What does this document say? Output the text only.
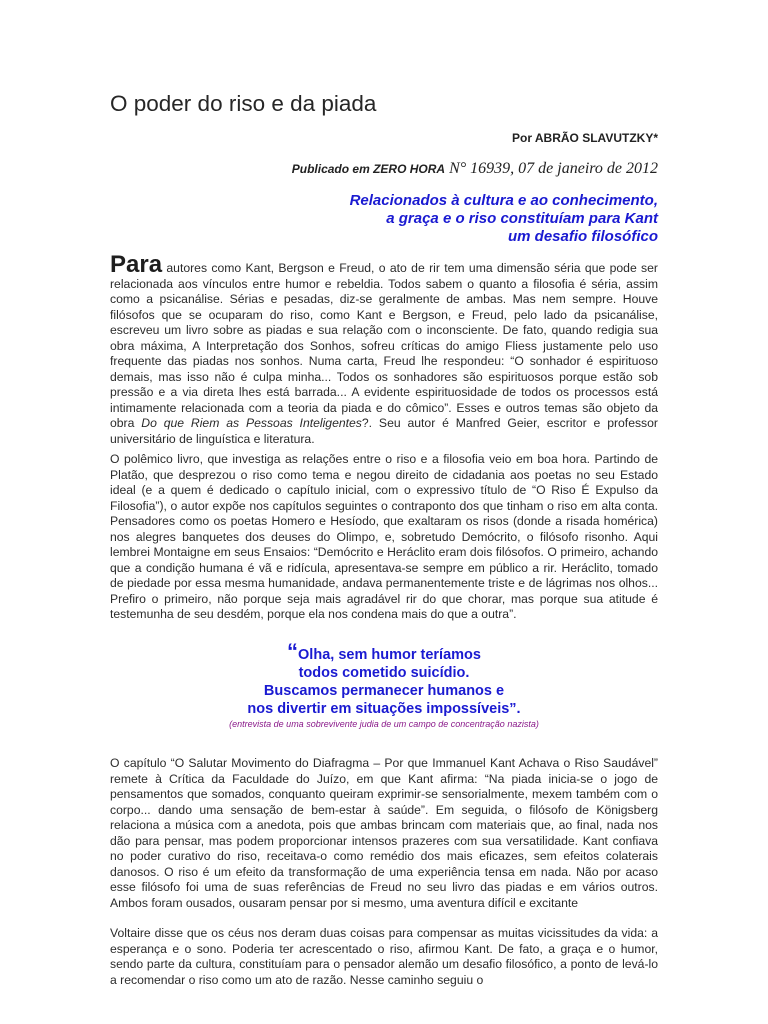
O poder do riso e da piada
Por ABRÃO SLAVUTZKY*
Publicado em ZERO HORA N° 16939, 07 de janeiro de 2012
Relacionados à cultura e ao conhecimento,
a graça e o riso constituíam para Kant
um desafio filosófico

Para autores como Kant, Bergson e Freud, o ato de rir tem uma dimensão séria que pode ser relacionada aos vínculos entre humor e rebeldia. Todos sabem o quanto a filosofia é séria, assim como a psicanálise. Sérias e pesadas, diz-se geralmente de ambas. Mas nem sempre. Houve filósofos que se ocuparam do riso, como Kant e Bergson, e Freud, pelo lado da psicanálise, escreveu um livro sobre as piadas e sua relação com o inconsciente. De fato, quando redigia sua obra máxima, A Interpretação dos Sonhos, sofreu críticas do amigo Fliess justamente pelo uso frequente das piadas nos sonhos. Numa carta, Freud lhe respondeu: “O sonhador é espirituoso demais, mas isso não é culpa minha... Todos os sonhadores são espirituosos porque estão sob pressão e a via direta lhes está barrada... A evidente espirituosidade de todos os processos está intimamente relacionada com a teoria da piada e do cômico”. Esses e outros temas são objeto da obra Do que Riem as Pessoas Inteligentes?. Seu autor é Manfred Geier, escritor e professor universitário de linguística e literatura.

O polêmico livro, que investiga as relações entre o riso e a filosofia veio em boa hora. Partindo de Platão, que desprezou o riso como tema e negou direito de cidadania aos poetas no seu Estado ideal (e a quem é dedicado o capítulo inicial, com o expressivo título de “O Riso É Expulso da Filosofia”), o autor expõe nos capítulos seguintes o contraponto dos que tinham o riso em alta conta. Pensadores como os poetas Homero e Hesíodo, que exaltaram os risos (donde a risada homérica) nos alegres banquetes dos deuses do Olimpo, e, sobretudo Demócrito, o filósofo risonho. Aqui lembrei Montaigne em seus Ensaios: “Demócrito e Heráclito eram dois filósofos. O primeiro, achando que a condição humana é vã e ridícula, apresentava-se sempre em público a rir. Heráclito, tomado de piedade por essa mesma humanidade, andava permanentemente triste e de lágrimas nos olhos... Prefiro o primeiro, não porque seja mais agradável rir do que chorar, mas porque sua atitude é testemunha de seu desdém, porque ela nos condena mais do que a outra”.

“Olha, sem humor teríamos
todos cometido suicídio.
Buscamos permanecer humanos e
nos divertir em situações impossíveis”.
(entrevista de uma sobrevivente judia de um campo de concentração nazista)

O capítulo “O Salutar Movimento do Diafragma – Por que Immanuel Kant Achava o Riso Saudável” remete à Crítica da Faculdade do Juízo, em que Kant afirma: “Na piada inicia-se o jogo de pensamentos que somados, conquanto queiram exprimir-se sensorialmente, mexem também com o corpo... dando uma sensação de bem-estar à saúde”. Em seguida, o filósofo de Königsberg relaciona a música com a anedota, pois que ambas brincam com materiais que, ao final, nada nos dão para pensar, mas podem proporcionar intensos prazeres com sua versatilidade. Kant confiava no poder curativo do riso, receitava-o como remédio dos mais eficazes, sem efeitos colaterais danosos. O riso é um efeito da transformação de uma experiência tensa em nada. Não por acaso esse filósofo foi uma de suas referências de Freud no seu livro das piadas e em vários outros. Ambos foram ousados, ousaram pensar por si mesmo, uma aventura difícil e excitante

Voltaire disse que os céus nos deram duas coisas para compensar as muitas vicissitudes da vida: a esperança e o sono. Poderia ter acrescentado o riso, afirmou Kant. De fato, a graça e o humor, sendo parte da cultura, constituíam para o pensador alemão um desafio filosófico, a ponto de levá-lo a recomendar o riso como um ato de razão. Nesse caminho seguiu o
